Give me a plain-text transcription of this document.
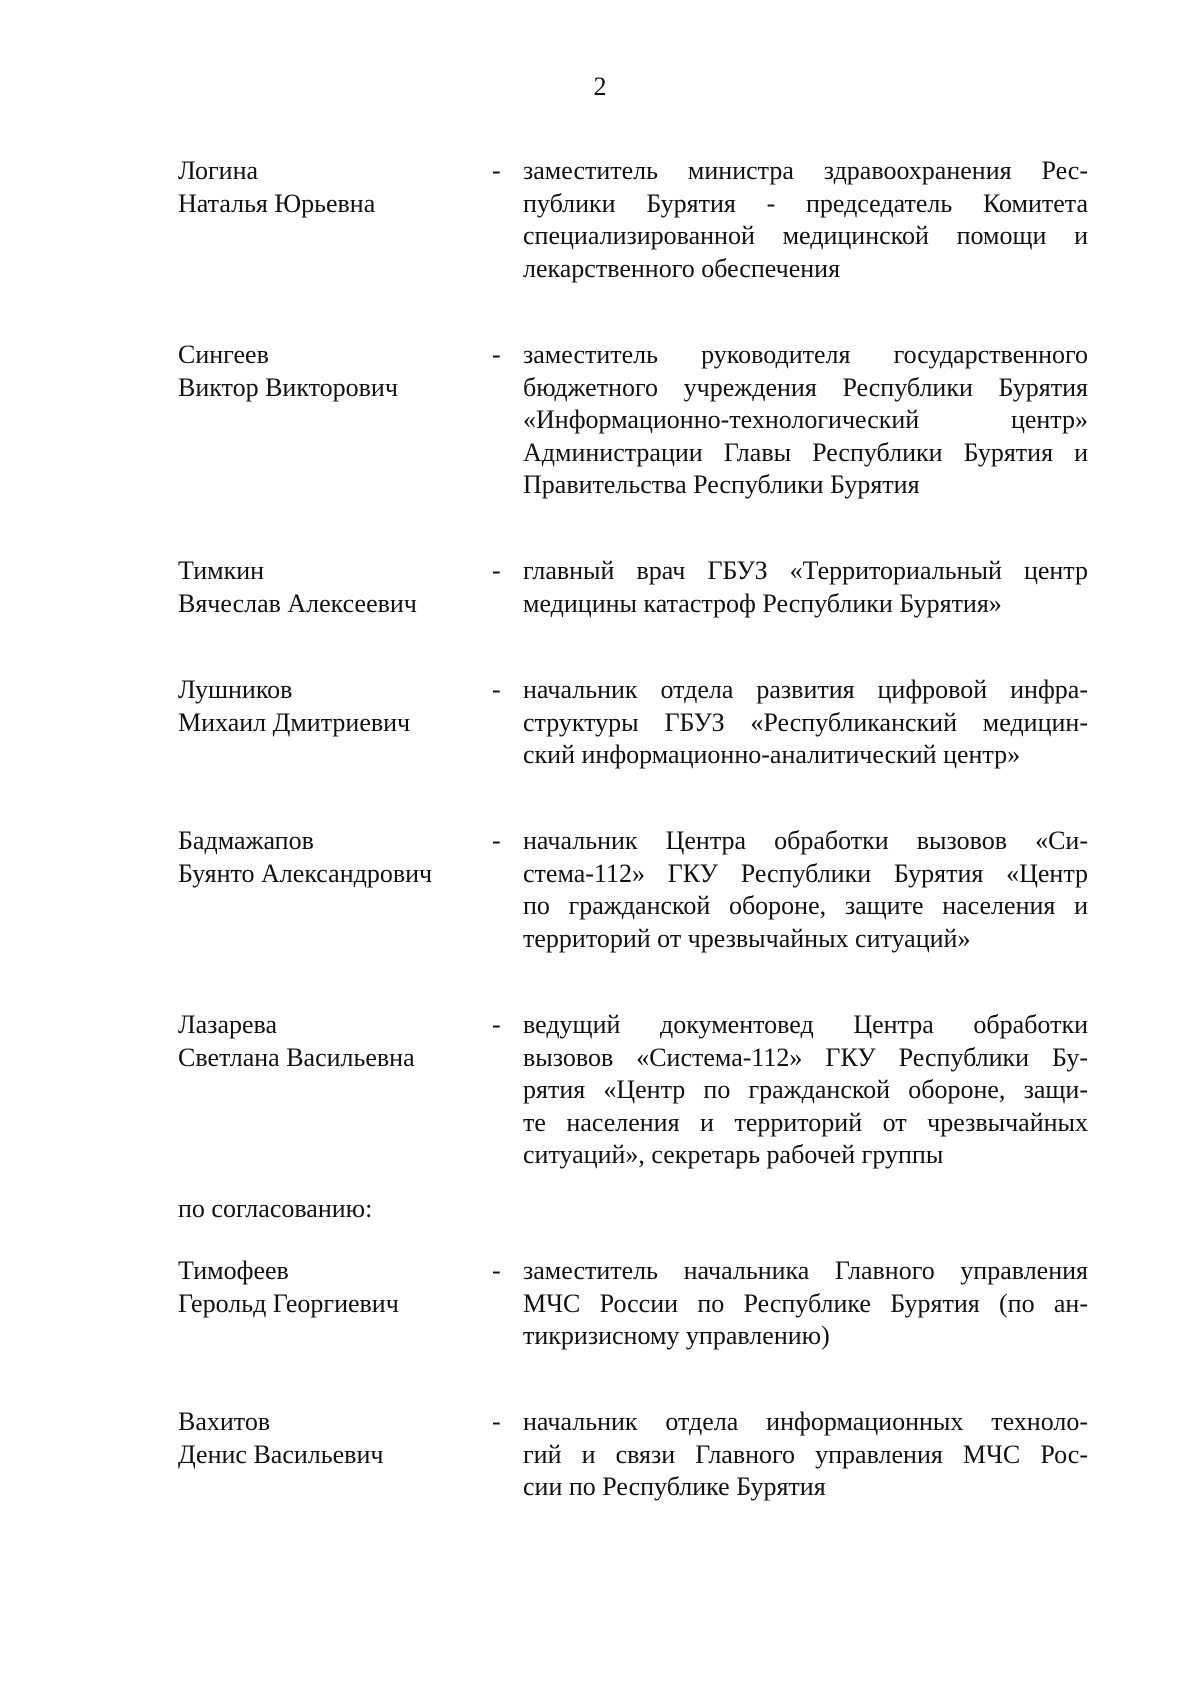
2
Логина
Наталья Юрьевна
- заместитель министра здравоохранения Рес-
публики Бурятия - председатель Комитета
специализированной медицинской помощи и
лекарственного обеспечения
Сингеев
Виктор Викторович
- заместитель руководителя государственного
бюджетного учреждения Республики Бурятия
«Информационно-технологический центр»
Администрации Главы Республики Бурятия и
Правительства Республики Бурятия
Тимкин
Вячеслав Алексеевич
- главный врач ГБУЗ «Территориальный центр
медицины катастроф Республики Бурятия»
Лушников
Михаил Дмитриевич
- начальник отдела развития цифровой инфра-
структуры ГБУЗ «Республиканский медицин-
ский информационно-аналитический центр»
Бадмажапов
Буянто Александрович
- начальник Центра обработки вызовов «Си-
стема-112» ГКУ Республики Бурятия «Центр
по гражданской обороне, защите населения и
территорий от чрезвычайных ситуаций»
Лазарева
Светлана Васильевна
- ведущий документовед Центра обработки
вызовов «Система-112» ГКУ Республики Бу-
рятия «Центр по гражданской обороне, защи-
те населения и территорий от чрезвычайных
ситуаций», секретарь рабочей группы
по согласованию:
Тимофеев
Герольд Георгиевич
- заместитель начальника Главного управления
МЧС России по Республике Бурятия (по ан-
тикризисному управлению)
Вахитов
Денис Васильевич
- начальник отдела информационных техноло-
гий и связи Главного управления МЧС Рос-
сии по Республике Бурятия
